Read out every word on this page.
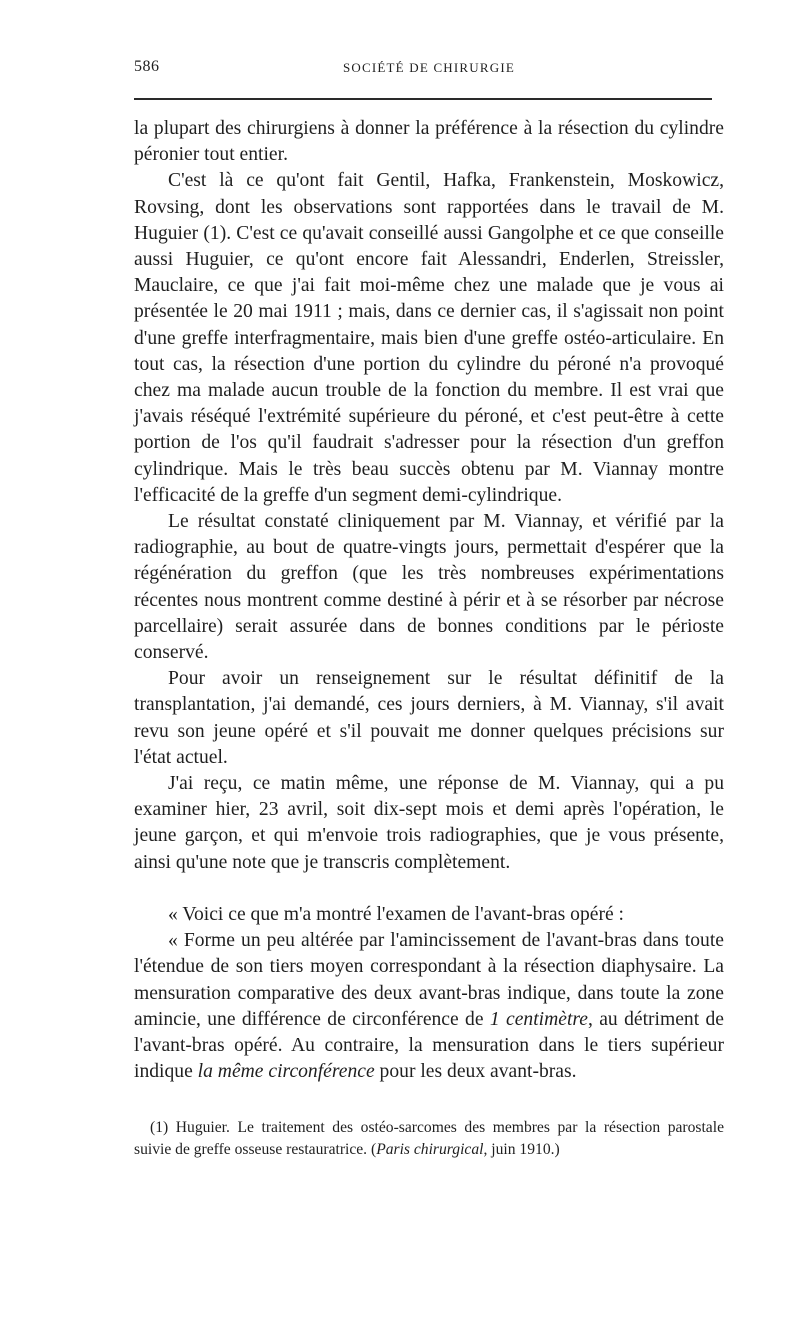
586	SOCIÉTÉ DE CHIRURGIE

la plupart des chirurgiens à donner la préférence à la résection du cylindre péronier tout entier.

C'est là ce qu'ont fait Gentil, Hafka, Frankenstein, Moskowicz, Rovsing, dont les observations sont rapportées dans le travail de M. Huguier (1). C'est ce qu'avait conseillé aussi Gangolphe et ce que conseille aussi Huguier, ce qu'ont encore fait Alessandri, Enderlen, Streissler, Mauclaire, ce que j'ai fait moi-même chez une malade que je vous ai présentée le 20 mai 1911 ; mais, dans ce dernier cas, il s'agissait non point d'une greffe interfragmentaire, mais bien d'une greffe ostéo-articulaire. En tout cas, la résection d'une portion du cylindre du péroné n'a provoqué chez ma malade aucun trouble de la fonction du membre. Il est vrai que j'avais réséqué l'extrémité supérieure du péroné, et c'est peut-être à cette portion de l'os qu'il faudrait s'adresser pour la résection d'un greffon cylindrique. Mais le très beau succès obtenu par M. Viannay montre l'efficacité de la greffe d'un segment demi-cylindrique.

Le résultat constaté cliniquement par M. Viannay, et vérifié par la radiographie, au bout de quatre-vingts jours, permettait d'espérer que la régénération du greffon (que les très nombreuses expérimentations récentes nous montrent comme destiné à périr et à se résorber par nécrose parcellaire) serait assurée dans de bonnes conditions par le périoste conservé.

Pour avoir un renseignement sur le résultat définitif de la transplantation, j'ai demandé, ces jours derniers, à M. Viannay, s'il avait revu son jeune opéré et s'il pouvait me donner quelques précisions sur l'état actuel.

J'ai reçu, ce matin même, une réponse de M. Viannay, qui a pu examiner hier, 23 avril, soit dix-sept mois et demi après l'opération, le jeune garçon, et qui m'envoie trois radiographies, que je vous présente, ainsi qu'une note que je transcris complètement.

« Voici ce que m'a montré l'examen de l'avant-bras opéré :

« Forme un peu altérée par l'amincissement de l'avant-bras dans toute l'étendue de son tiers moyen correspondant à la résection diaphysaire. La mensuration comparative des deux avant-bras indique, dans toute la zone amincie, une différence de circonférence de 1 centimètre, au détriment de l'avant-bras opéré. Au contraire, la mensuration dans le tiers supérieur indique la même circonférence pour les deux avant-bras.

(1) Huguier. Le traitement des ostéo-sarcomes des membres par la résection parostale suivie de greffe osseuse restauratrice. (Paris chirurgical, juin 1910.)
